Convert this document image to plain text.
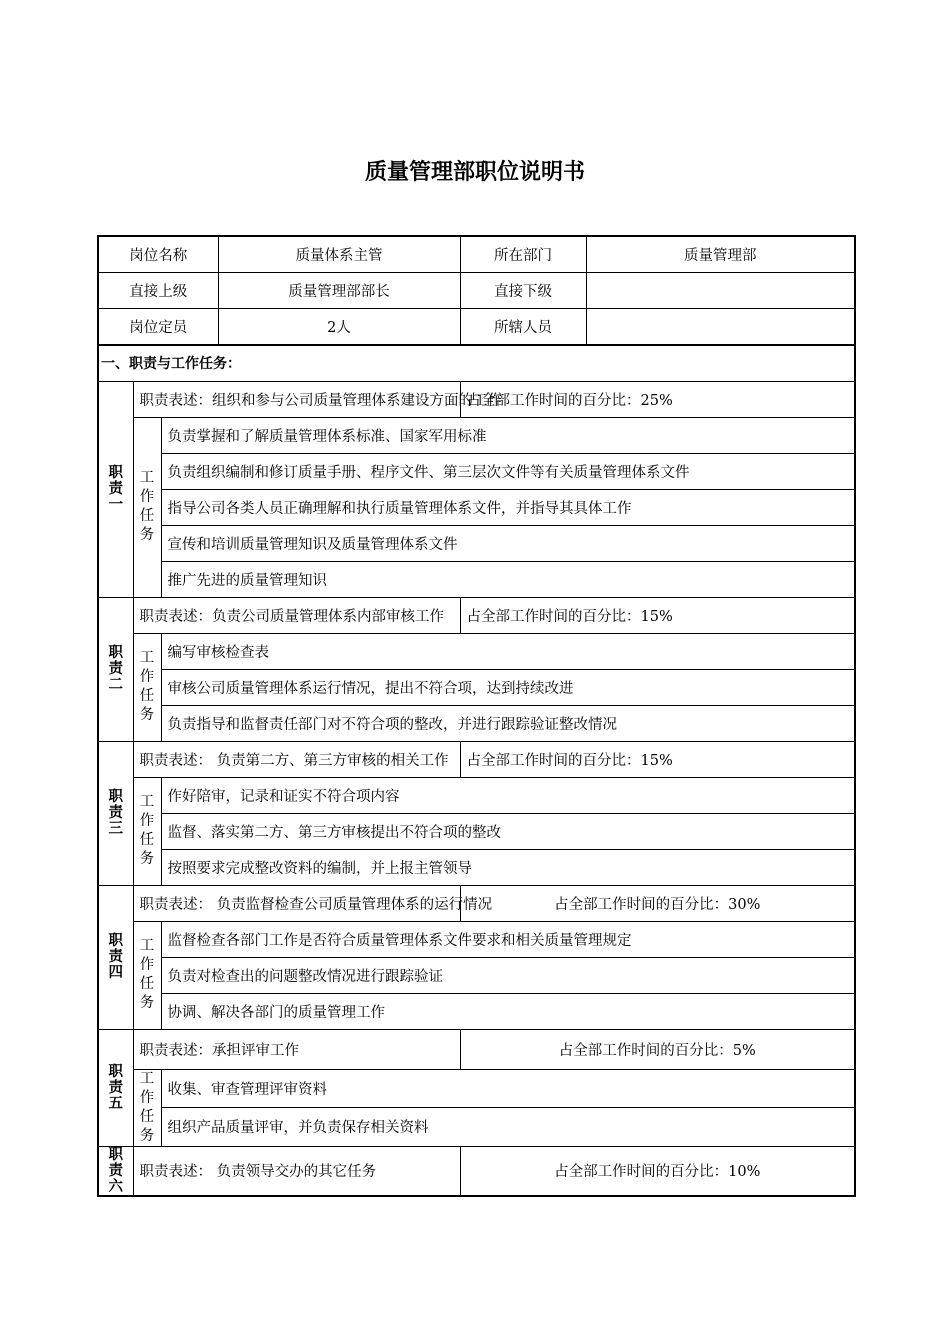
质量管理部职位说明书
岗位名称			质量体系主管	所在部门	质量管理部
直接上级			质量管理部部长	直接下级	
岗位定员			2人	所辖人员	
一、职责与工作任务：					

职
责
一	职责表述：组织和参与公司质量管理体系建设方面的工作			占全部工作时间的百分比：25%	

	工
作
任
务	负责掌握和了解质量管理体系标准、国家军用标准			
		负责组织编制和修订质量手册、程序文件、第三层次文件等有关质量管理体系文件			
		指导公司各类人员正确理解和执行质量管理体系文件，并指导其具体工作			
		宣传和培训质量管理知识及质量管理体系文件			
		推广先进的质量管理知识			

职
责
二	职责表述：负责公司质量管理体系内部审核工作			占全部工作时间的百分比：15%	

	工
作
任
务	编写审核检查表			
		审核公司质量管理体系运行情况，提出不符合项，达到持续改进			
		负责指导和监督责任部门对不符合项的整改，并进行跟踪验证整改情况			

职
责
三	职责表述： 负责第二方、第三方审核的相关工作			占全部工作时间的百分比：15%	

	工
作
任
务	作好陪审，记录和证实不符合项内容			
		监督、落实第二方、第三方审核提出不符合项的整改			
		按照要求完成整改资料的编制，并上报主管领导			

职
责
四	职责表述： 负责监督检查公司质量管理体系的运行情况			占全部工作时间的百分比：30%	

	工
作
任
务	监督检查各部门工作是否符合质量管理体系文件要求和相关质量管理规定			
		负责对检查出的问题整改情况进行跟踪验证			
		协调、解决各部门的质量管理工作			

职
责
五	职责表述：承担评审工作			占全部工作时间的百分比：5%	

	工
作
任
务	收集、审查管理评审资料			
		组织产品质量评审，并负责保存相关资料			

职
责
六	职责表述： 负责领导交办的其它任务			占全部工作时间的百分比：10%	
